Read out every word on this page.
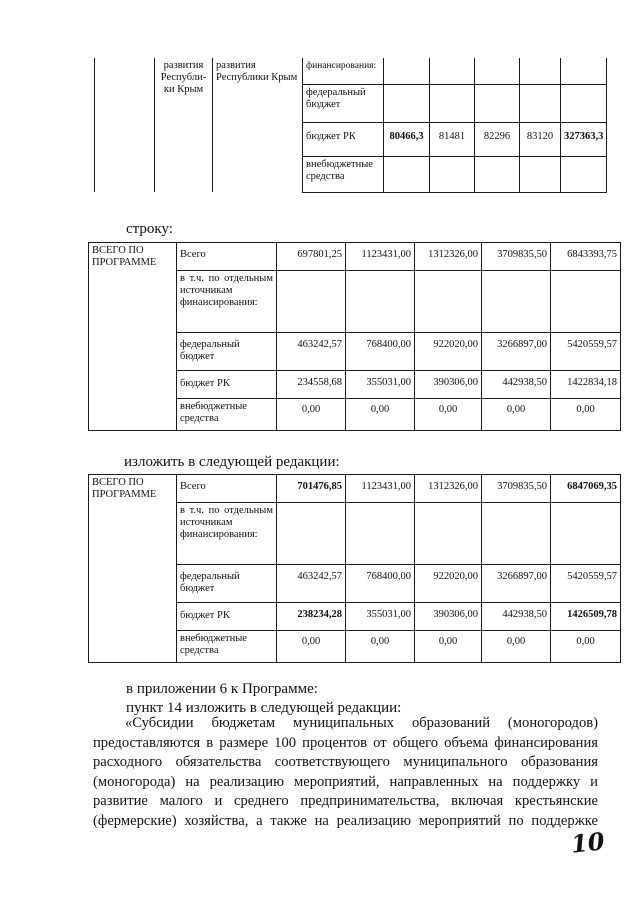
	развития Республи-ки Крым	развития Республики Крым	финансирования:					
			федеральный бюджет					
			бюджет РК	80466,3	81481	82296	83120	327363,3
			внебюджетные средства					
строку:
ВСЕГО ПО ПРОГРАММЕ	Всего	697801,25	1123431,00	1312326,00	3709835,50	6843393,75
	в т.ч. по отдельным источникам финансирования:					
	федеральный бюджет	463242,57	768400,00	922020,00	3266897,00	5420559,57
	бюджет РК	234558,68	355031,00	390306,00	442938,50	1422834,18
	внебюджетные средства	0,00	0,00	0,00	0,00	0,00
изложить в следующей редакции:
ВСЕГО ПО ПРОГРАММЕ	Всего	701476,85	1123431,00	1312326,00	3709835,50	6847069,35
	в т.ч. по отдельным источникам финансирования:					
	федеральный бюджет	463242,57	768400,00	922020,00	3266897,00	5420559,57
	бюджет РК	238234,28	355031,00	390306,00	442938,50	1426509,78
	внебюджетные средства	0,00	0,00	0,00	0,00	0,00
в приложении 6 к Программе:
пункт 14 изложить в следующей редакции:
«Субсидии бюджетам муниципальных образований (моногородов)
предоставляются в размере 100 процентов от общего объема финансирования
расходного обязательства соответствующего муниципального образования
(моногорода) на реализацию мероприятий, направленных на поддержку и
развитие малого и среднего предпринимательства, включая крестьянские
(фермерские) хозяйства, а также на реализацию мероприятий по поддержке
10
